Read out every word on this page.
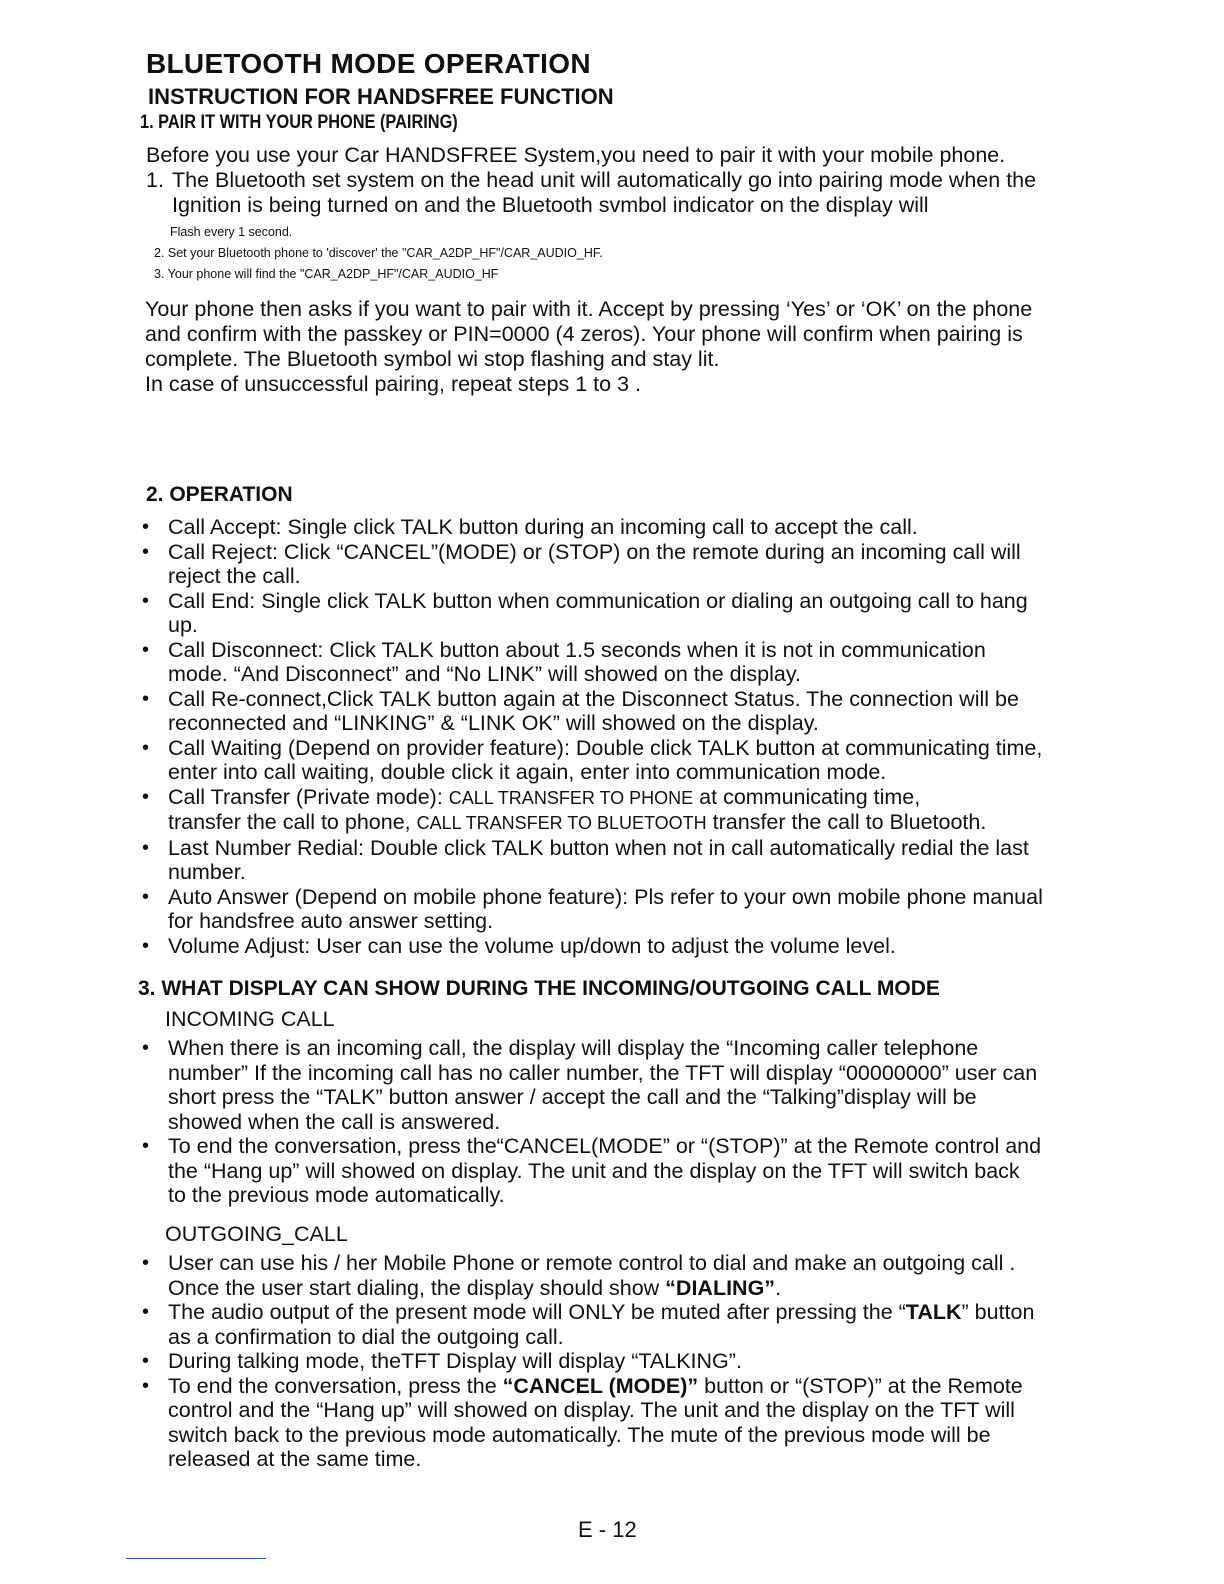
BLUETOOTH MODE OPERATION
INSTRUCTION FOR HANDSFREE FUNCTION
1. PAIR IT WITH YOUR PHONE (PAIRING)
Before you use your Car HANDSFREE System,you need to pair it with your mobile phone.
1. The Bluetooth set system on the head unit will automatically go into pairing mode when the
Ignition is being turned on and the Bluetooth svmbol indicator on the display will
Flash every 1 second.
2. Set your Bluetooth phone to 'discover' the "CAR_A2DP_HF"/CAR_AUDIO_HF.
3. Your phone will find the "CAR_A2DP_HF"/CAR_AUDIO_HF
Your phone then asks if you want to pair with it. Accept by pressing ‘Yes’ or ‘OK’ on the phone
and confirm with the passkey or PIN=0000 (4 zeros). Your phone will confirm when pairing is
complete. The Bluetooth symbol wi stop flashing and stay lit.
In case of unsuccessful pairing, repeat steps 1 to 3 .
2. OPERATION
• Call Accept: Single click TALK button during an incoming call to accept the call.
• Call Reject: Click “CANCEL”(MODE) or (STOP) on the remote during an incoming call will
reject the call.
• Call End: Single click TALK button when communication or dialing an outgoing call to hang
up.
• Call Disconnect: Click TALK button about 1.5 seconds when it is not in communication
mode. “And Disconnect” and “No LINK” will showed on the display.
• Call Re-connect,Click TALK button again at the Disconnect Status. The connection will be
reconnected and “LINKING” & “LINK OK” will showed on the display.
• Call Waiting (Depend on provider feature): Double click TALK button at communicating time,
enter into call waiting, double click it again, enter into communication mode.
• Call Transfer (Private mode): CALL TRANSFER TO PHONE at communicating time,
transfer the call to phone, CALL TRANSFER TO BLUETOOTH transfer the call to Bluetooth.
• Last Number Redial: Double click TALK button when not in call automatically redial the last
number.
• Auto Answer (Depend on mobile phone feature): Pls refer to your own mobile phone manual
for handsfree auto answer setting.
• Volume Adjust: User can use the volume up/down to adjust the volume level.
3. WHAT DISPLAY CAN SHOW DURING THE INCOMING/OUTGOING CALL MODE
INCOMING CALL
• When there is an incoming call, the display will display the “Incoming caller telephone
number” If the incoming call has no caller number, the TFT will display “00000000” user can
short press the “TALK” button answer / accept the call and the “Talking”display will be
showed when the call is answered.
• To end the conversation, press the“CANCEL(MODE” or “(STOP)” at the Remote control and
the “Hang up” will showed on display. The unit and the display on the TFT will switch back
to the previous mode automatically.
OUTGOING_CALL
• User can use his / her Mobile Phone or remote control to dial and make an outgoing call .
Once the user start dialing, the display should show “DIALING”.
• The audio output of the present mode will ONLY be muted after pressing the “TALK” button
as a confirmation to dial the outgoing call.
• During talking mode, theTFT Display will display “TALKING”.
• To end the conversation, press the “CANCEL (MODE)” button or “(STOP)” at the Remote
control and the “Hang up” will showed on display. The unit and the display on the TFT will
switch back to the previous mode automatically. The mute of the previous mode will be
released at the same time.
E - 12
